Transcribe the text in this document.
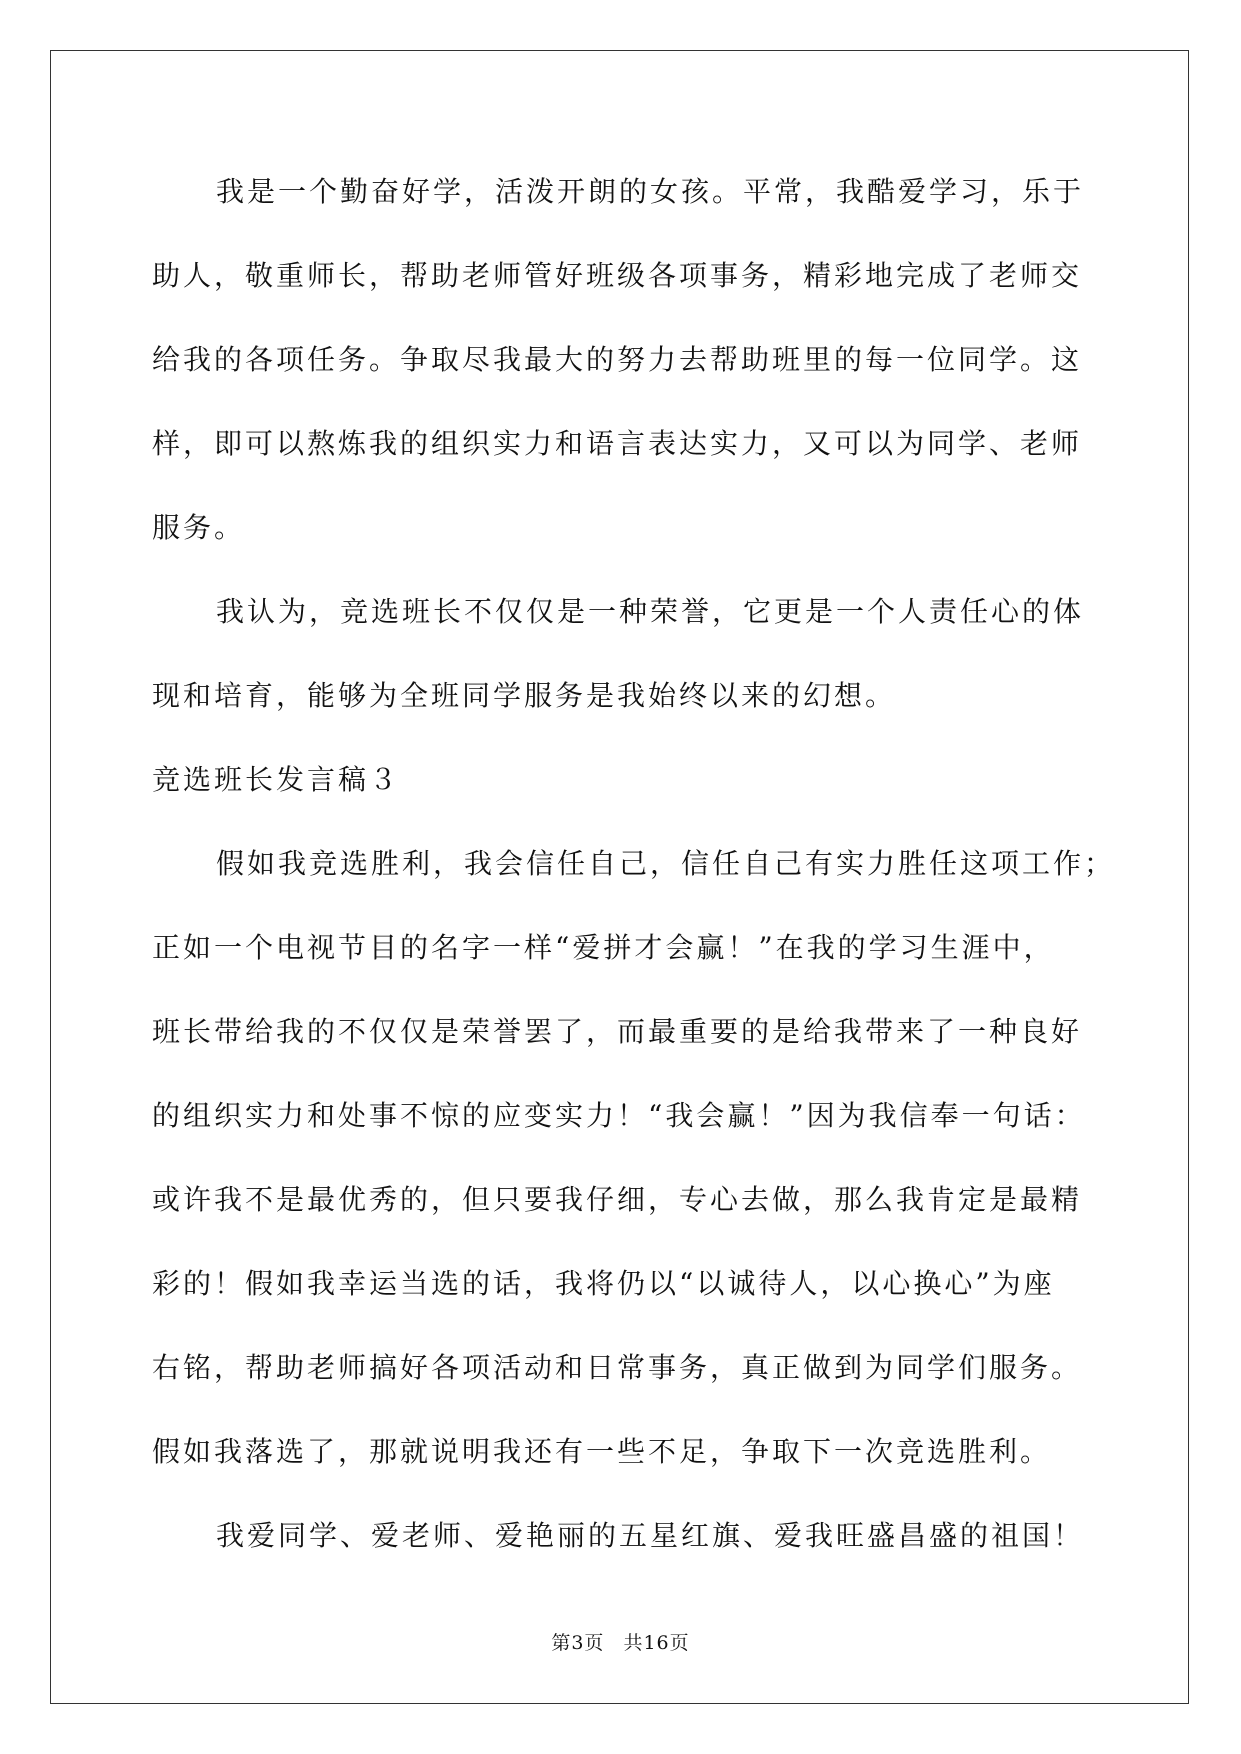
我是一个勤奋好学，活泼开朗的女孩。平常，我酷爱学习，乐于
助人，敬重师长，帮助老师管好班级各项事务，精彩地完成了老师交
给我的各项任务。争取尽我最大的努力去帮助班里的每一位同学。这
样，即可以熬炼我的组织实力和语言表达实力，又可以为同学、老师
服务。

我认为，竞选班长不仅仅是一种荣誉，它更是一个人责任心的体
现和培育，能够为全班同学服务是我始终以来的幻想。

竞选班长发言稿３

假如我竞选胜利，我会信任自己，信任自己有实力胜任这项工作；
正如一个电视节目的名字一样“爱拼才会赢！”在我的学习生涯中，
班长带给我的不仅仅是荣誉罢了，而最重要的是给我带来了一种良好
的组织实力和处事不惊的应变实力！“我会赢！”因为我信奉一句话：
或许我不是最优秀的，但只要我仔细，专心去做，那么我肯定是最精
彩的！假如我幸运当选的话，我将仍以“以诚待人，以心换心”为座
右铭，帮助老师搞好各项活动和日常事务，真正做到为同学们服务。
假如我落选了，那就说明我还有一些不足，争取下一次竞选胜利。

我爱同学、爱老师、爱艳丽的五星红旗、爱我旺盛昌盛的祖国！

第3页 共16页
